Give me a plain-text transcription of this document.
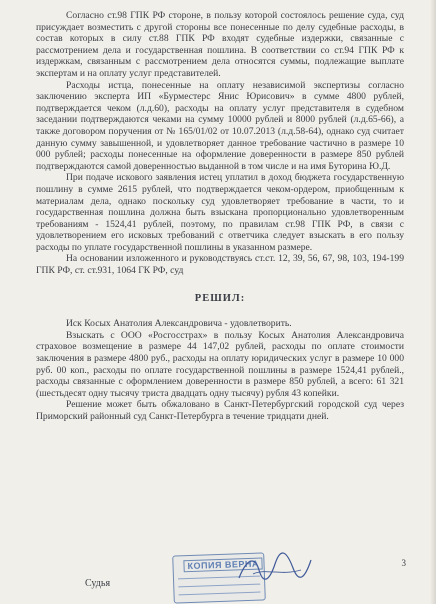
Согласно ст.98 ГПК РФ стороне, в пользу которой состоялось решение суда, суд присуждает возместить с другой стороны все понесенные по делу судебные расходы, в состав которых в силу ст.88 ГПК РФ входят судебные издержки, связанные с рассмотрением дела и государственная пошлина. В соответствии со ст.94 ГПК РФ к издержкам, связанным с рассмотрением дела относятся суммы, подлежащие выплате экспертам и на оплату услуг представителей.

Расходы истца, понесенные на оплату независимой экспертизы согласно заключению эксперта ИП «Бурместерс Янис Юрисович» в сумме 4800 рублей, подтверждается чеком (л.д.60), расходы на оплату услуг представителя в судебном заседании подтверждаются чеками на сумму 10000 рублей и 8000 рублей (л.д.65-66), а также договором поручения от № 165/01/02 от 10.07.2013 (л.д.58-64), однако суд считает данную сумму завышенной, и удовлетворяет данное требование частично в размере 10 000 рублей; расходы понесенные на оформление доверенности в размере 850 рублей подтверждаются самой доверенностью выданной в том числе и на имя Буторина Ю.Д.

При подаче искового заявления истец уплатил в доход бюджета государственную пошлину в сумме 2615 рублей, что подтверждается чеком-ордером, приобщенным к материалам дела, однако поскольку суд удовлетворяет требование в части, то и государственная пошлина должна быть взыскана пропорционально удовлетворенным требованиям - 1524,41 рублей, поэтому, по правилам ст.98 ГПК РФ, в связи с удовлетворением его исковых требований с ответчика следует взыскать в его пользу расходы по уплате государственной пошлины в указанном размере.

На основании изложенного и руководствуясь ст.ст. 12, 39, 56, 67, 98, 103, 194-199 ГПК РФ, ст. ст.931, 1064 ГК РФ, суд

РЕШИЛ:

Иск Косых Анатолия Александровича - удовлетворить.

Взыскать с ООО «Росгосстрах» в пользу Косых Анатолия Александровича страховое возмещение в размере 44 147,02 рублей, расходы по оплате стоимости заключения в размере 4800 руб., расходы на оплату юридических услуг в размере 10 000 руб. 00 коп., расходы по оплате государственной пошлины в размере 1524,41 рублей., расходы связанные с оформлением доверенности в размере 850 рублей, а всего: 61 321 (шестьдесят одну тысячу триста двадцать одну тысячу) рубля 43 копейки.

Решение может быть обжаловано в Санкт-Петербургский городской суд через Приморский районный суд Санкт-Петербурга в течение тридцати дней.

Судья
КОПИЯ ВЕРНА	3
